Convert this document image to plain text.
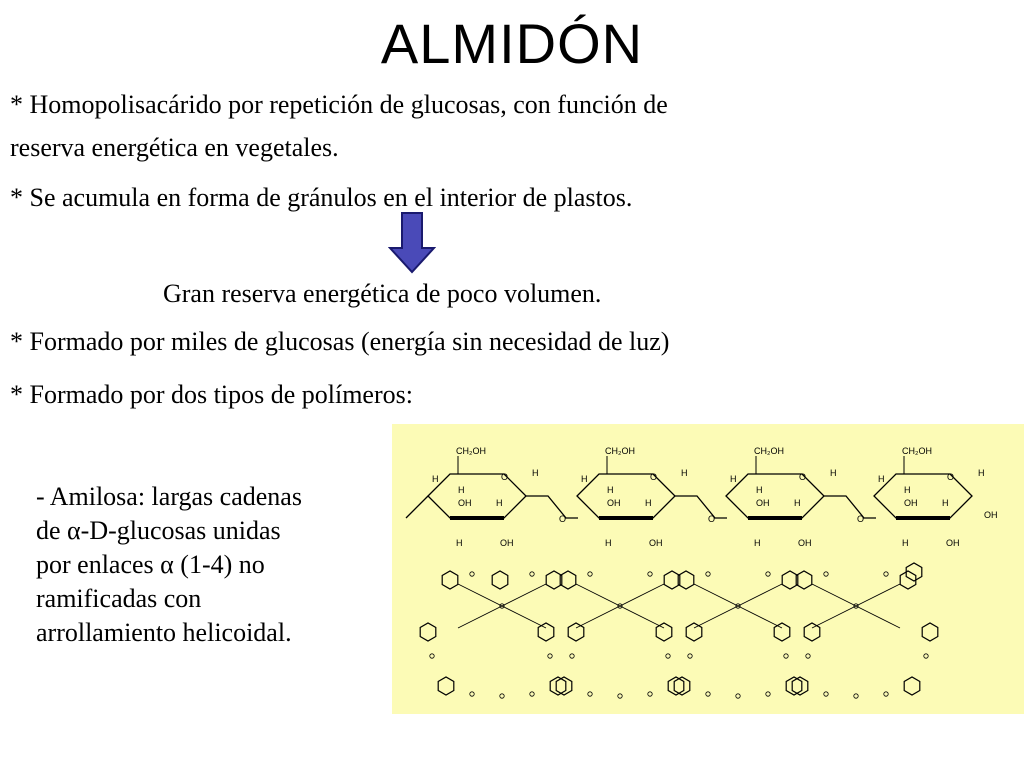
ALMIDÓN
* Homopolisacárido por repetición de glucosas, con función de
reserva energética en vegetales.
* Se acumula en forma de gránulos en el interior de plastos.
Gran reserva energética de poco volumen.
* Formado por miles de glucosas (energía sin necesidad de luz)
* Formado por dos tipos de polímeros:
- Amilosa: largas cadenas
de α-D-glucosas unidas
por enlaces α (1-4) no
ramificadas con
arrollamiento helicoidal.
O
CH₂OH
H
H
OH	H
H
H	OH
O
O
CH₂OH
H
H
OH	H
H
H	OH
O
O
CH₂OH
H
H
OH	H
H
H	OH
O
O
CH₂OH
H
H
OH	H
H
H	OH
OH
